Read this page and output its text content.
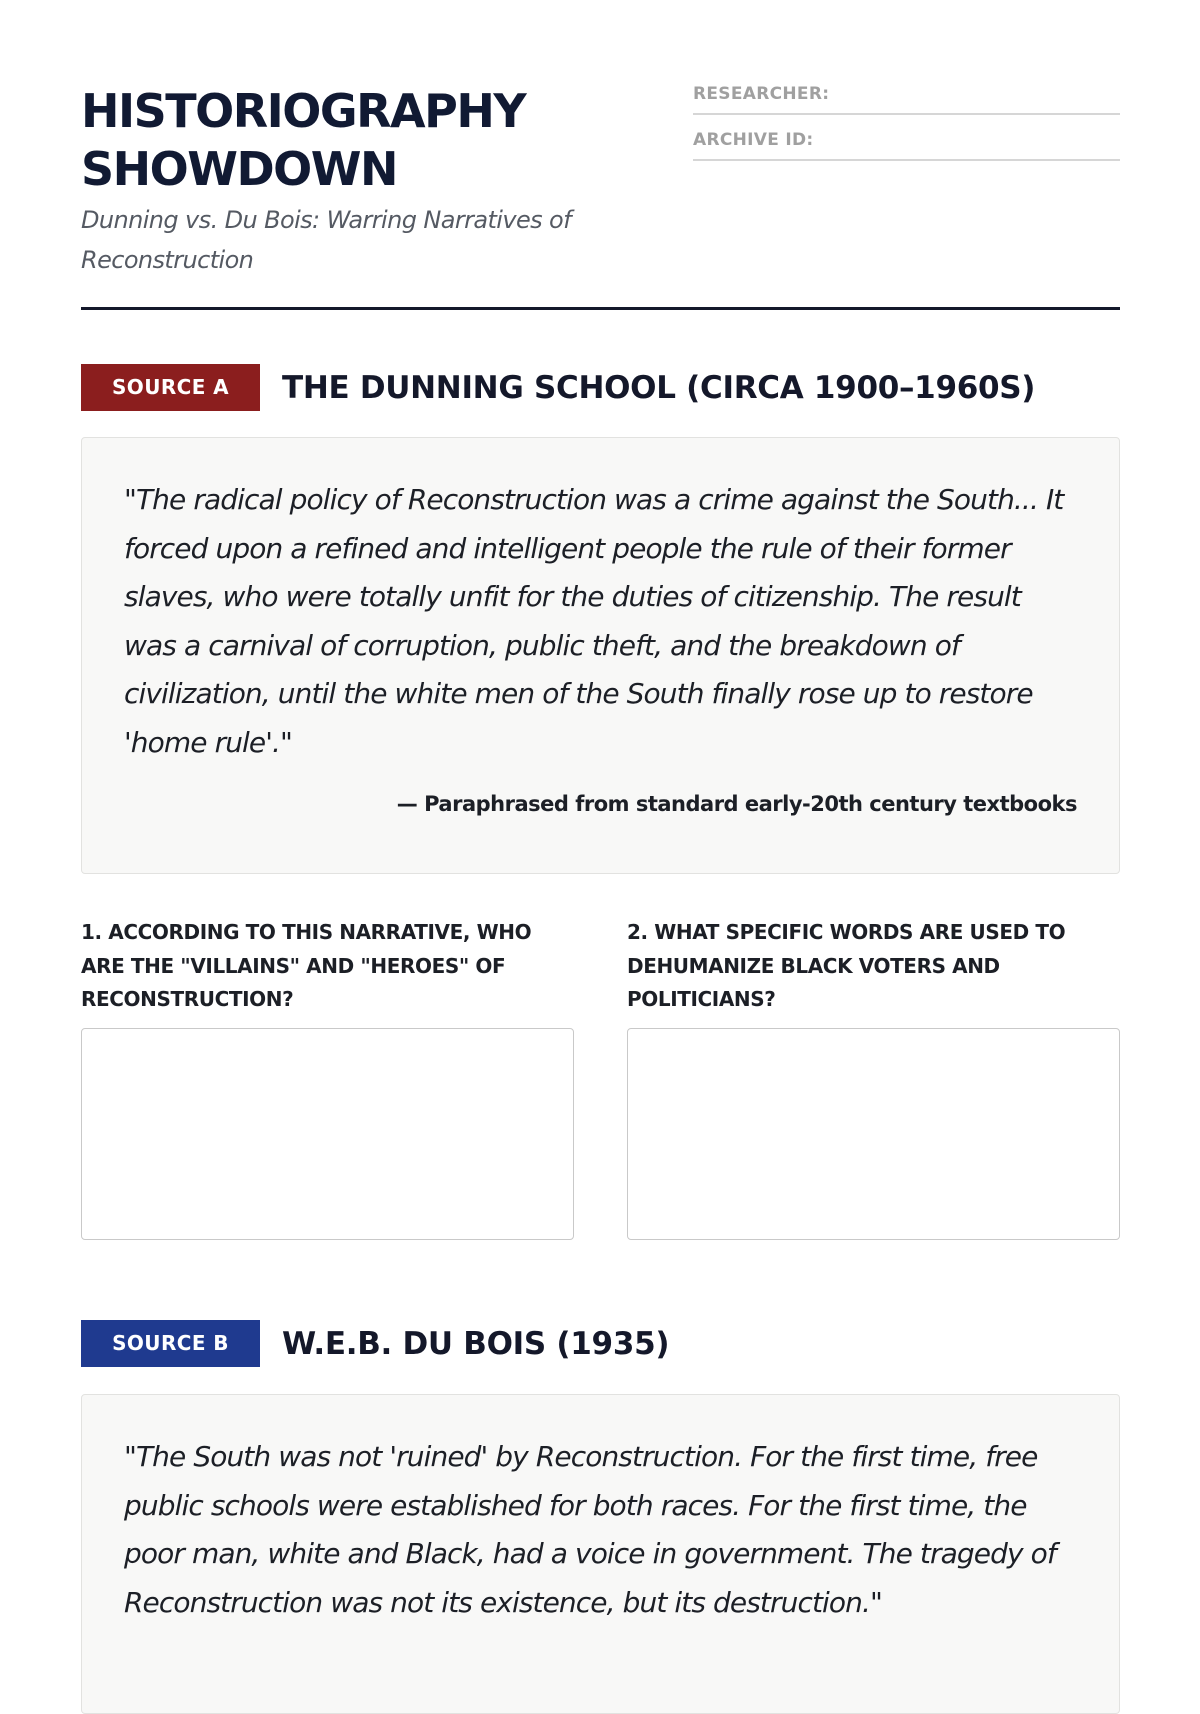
HISTORIOGRAPHY SHOWDOWN
Dunning vs. Du Bois: Warring Narratives of Reconstruction
RESEARCHER:
ARCHIVE ID:
SOURCE A	THE DUNNING SCHOOL (CIRCA 1900–1960S)
"The radical policy of Reconstruction was a crime against the South... It forced upon a refined and intelligent people the rule of their former slaves, who were totally unfit for the duties of citizenship. The result was a carnival of corruption, public theft, and the breakdown of civilization, until the white men of the South finally rose up to restore 'home rule'."
— Paraphrased from standard early-20th century textbooks
1. ACCORDING TO THIS NARRATIVE, WHO ARE THE "VILLAINS" AND "HEROES" OF RECONSTRUCTION?
2. WHAT SPECIFIC WORDS ARE USED TO DEHUMANIZE BLACK VOTERS AND POLITICIANS?
SOURCE B	W.E.B. DU BOIS (1935)
"The South was not 'ruined' by Reconstruction. For the first time, free public schools were established for both races. For the first time, the poor man, white and Black, had a voice in government. The tragedy of Reconstruction was not its existence, but its destruction."
